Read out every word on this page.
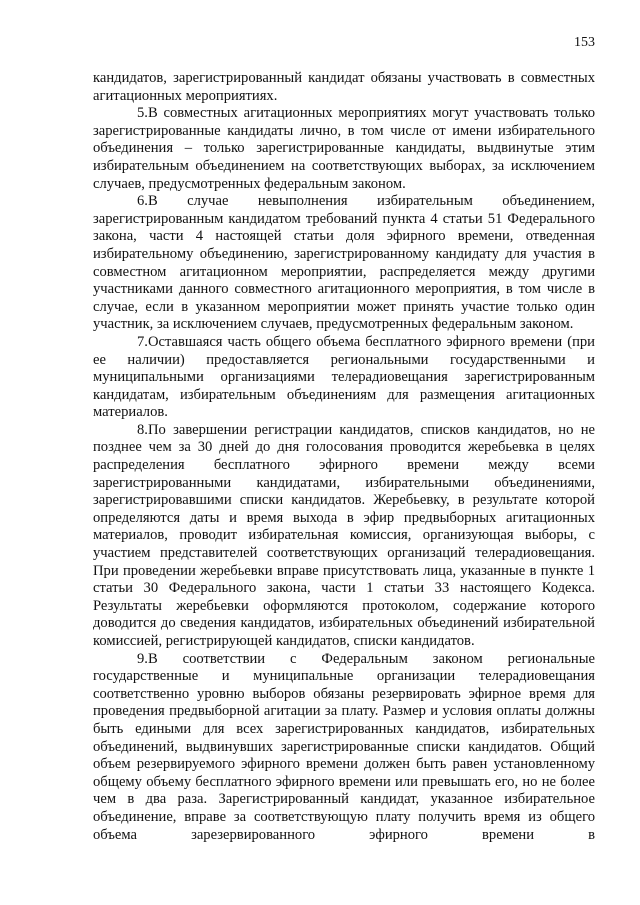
153

кандидатов, зарегистрированный кандидат обязаны участвовать в совместных агитационных мероприятиях.

5.В совместных агитационных мероприятиях могут участвовать только зарегистрированные кандидаты лично, в том числе от имени избирательного объединения – только зарегистрированные кандидаты, выдвинутые этим избирательным объединением на соответствующих выборах, за исключением случаев, предусмотренных федеральным законом.

6.В случае невыполнения избирательным объединением, зарегистрированным кандидатом требований пункта 4 статьи 51 Федерального закона, части 4 настоящей статьи доля эфирного времени, отведенная избирательному объединению, зарегистрированному кандидату для участия в совместном агитационном мероприятии, распределяется между другими участниками данного совместного агитационного мероприятия, в том числе в случае, если в указанном мероприятии может принять участие только один участник, за исключением случаев, предусмотренных федеральным законом.

7.Оставшаяся часть общего объема бесплатного эфирного времени (при ее наличии) предоставляется региональными государственными и муниципальными организациями телерадиовещания зарегистрированным кандидатам, избирательным объединениям для размещения агитационных материалов.

8.По завершении регистрации кандидатов, списков кандидатов, но не позднее чем за 30 дней до дня голосования проводится жеребьевка в целях распределения бесплатного эфирного времени между всеми зарегистрированными кандидатами, избирательными объединениями, зарегистрировавшими списки кандидатов. Жеребьевку, в результате которой определяются даты и время выхода в эфир предвыборных агитационных материалов, проводит избирательная комиссия, организующая выборы, с участием представителей соответствующих организаций телерадиовещания. При проведении жеребьевки вправе присутствовать лица, указанные в пункте 1 статьи 30 Федерального закона, части 1 статьи 33 настоящего Кодекса. Результаты жеребьевки оформляются протоколом, содержание которого доводится до сведения кандидатов, избирательных объединений избирательной комиссией, регистрирующей кандидатов, списки кандидатов.

9.В соответствии с Федеральным законом региональные государственные и муниципальные организации телерадиовещания соответственно уровню выборов обязаны резервировать эфирное время для проведения предвыборной агитации за плату. Размер и условия оплаты должны быть едиными для всех зарегистрированных кандидатов, избирательных объединений, выдвинувших зарегистрированные списки кандидатов. Общий объем резервируемого эфирного времени должен быть равен установленному общему объему бесплатного эфирного времени или превышать его, но не более чем в два раза. Зарегистрированный кандидат, указанное избирательное объединение, вправе за соответствующую плату получить время из общего объема зарезервированного эфирного времени в
